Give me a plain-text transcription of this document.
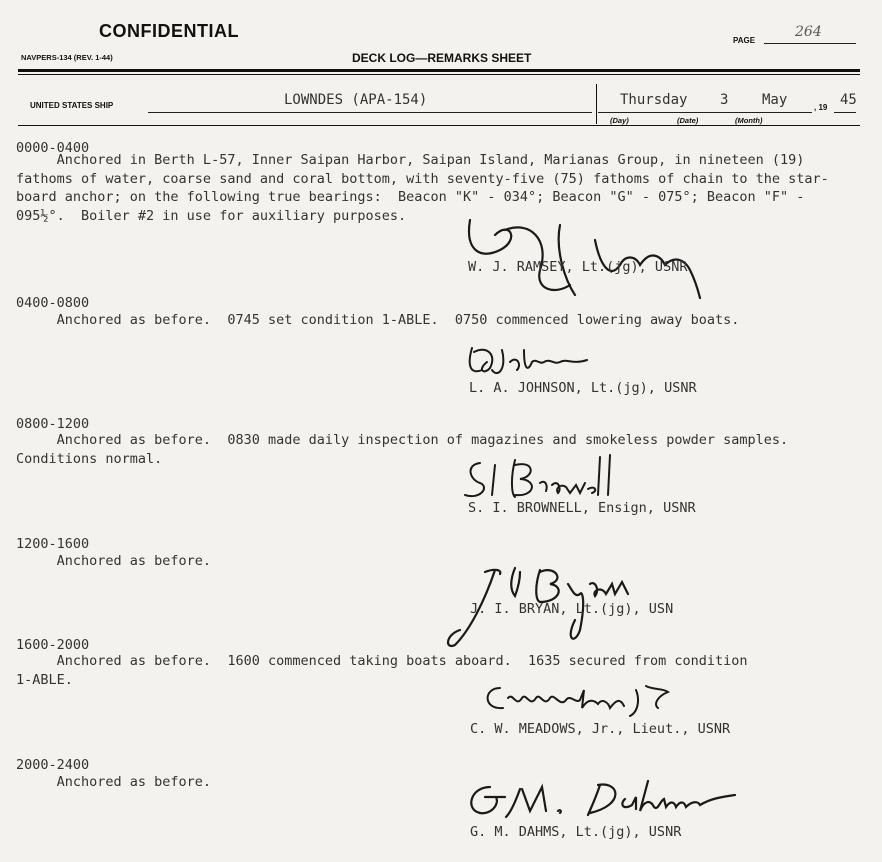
CONFIDENTIAL	PAGE
264
NAVPERS-134 (REV. 1-44)	DECK LOG—REMARKS SHEET
UNITED STATES SHIP	LOWNDES (APA-154)	Thursday 3 May	, 19 45
(Day)	(Date)	(Month)
0000-0400
Anchored in Berth L-57, Inner Saipan Harbor, Saipan Island, Marianas Group, in nineteen (19)
fathoms of water, coarse sand and coral bottom, with seventy-five (75) fathoms of chain to the star-
board anchor; on the following true bearings:  Beacon "K" - 034°; Beacon "G" - 075°; Beacon "F" -
095½°.  Boiler #2 in use for auxiliary purposes.
W. J. RAMSEY, Lt.(jg), USNR
0400-0800
Anchored as before.  0745 set condition 1-ABLE.  0750 commenced lowering away boats.
L. A. JOHNSON, Lt.(jg), USNR
0800-1200
Anchored as before.  0830 made daily inspection of magazines and smokeless powder samples.
Conditions normal.
S. I. BROWNELL, Ensign, USNR
1200-1600
Anchored as before.
J. I. BRYAN, Lt.(jg), USN
1600-2000
Anchored as before.  1600 commenced taking boats aboard.  1635 secured from condition
1-ABLE.
C. W. MEADOWS, Jr., Lieut., USNR
2000-2400
Anchored as before.
G. M. DAHMS, Lt.(jg), USNR
